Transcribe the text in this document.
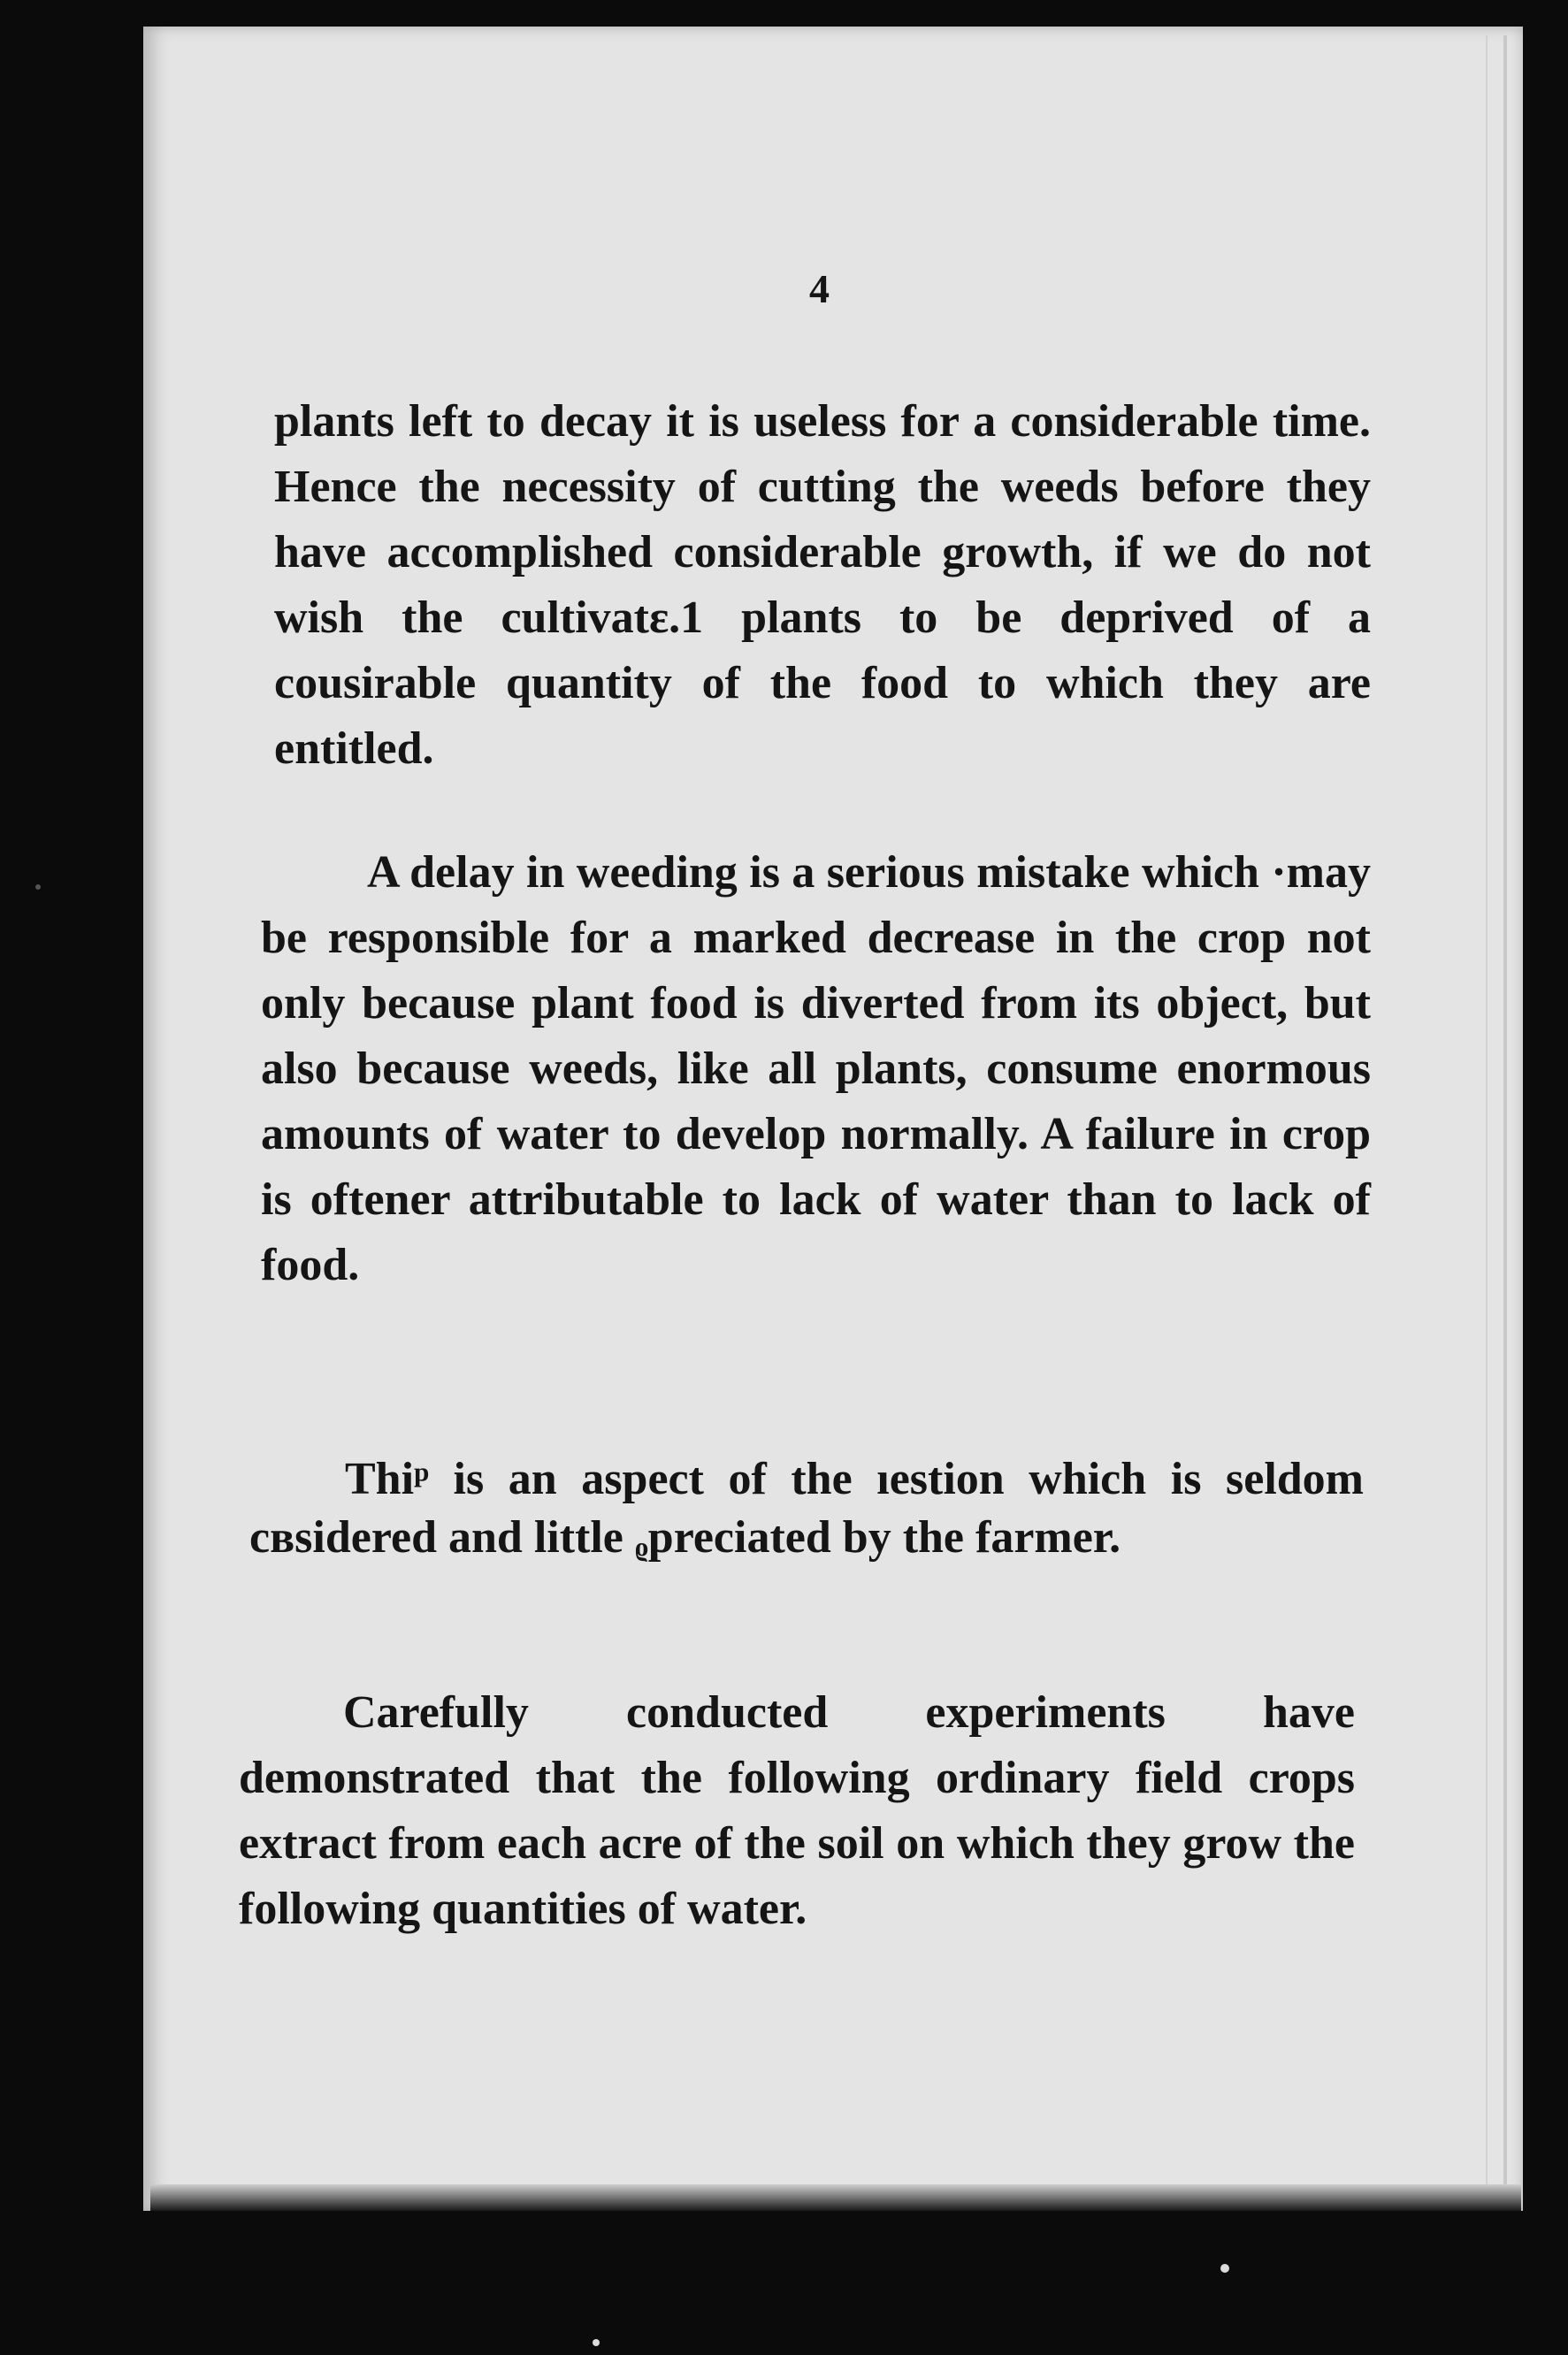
4

plants left to decay it is useless for a considerable time. Hence the necessity of cutting the weeds before they have accomplished considerable growth, if we do not wish the cultivatε.1 plants to be deprived of a cousirable quantity of the food to which they are entitled.

A delay in weeding is a serious mistake which ·may be responsible for a marked decrease in the crop not only because plant food is diverted from its object, but also because weeds, like all plants, consume enormous amounts of water to develop normally. A failure in crop is oftener attributable to lack of water than to lack of food.

Thiᵖ is an aspect of the ıestion which is seldom свsidered and little ᵨpreciated by the farmer.

Carefully conducted experiments have demonstrated that the following ordinary field crops extract from each acre of the soil on which they grow the following quantities of water.
